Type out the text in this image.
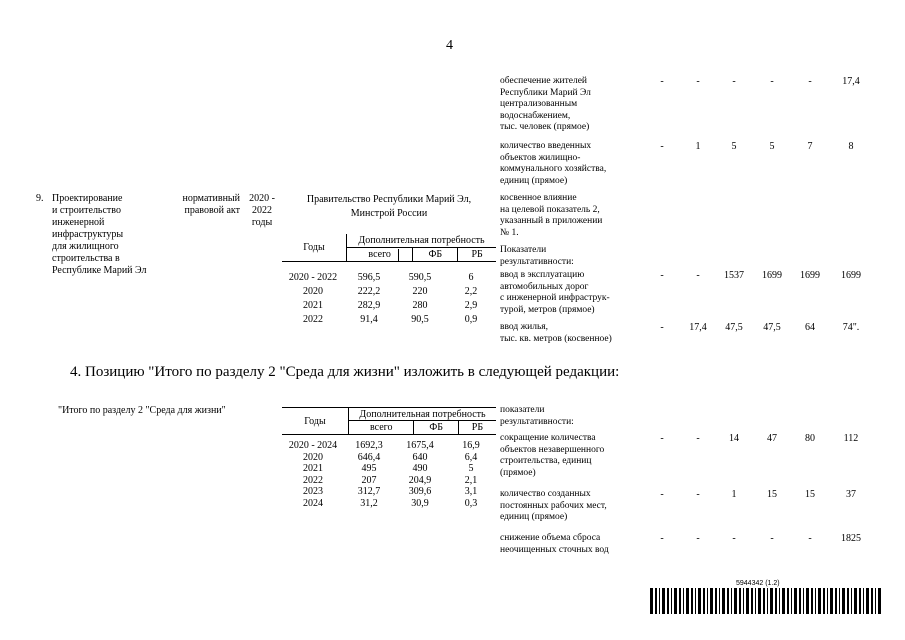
4
9. Проектирование
и строительство
инженерной
инфраструктуры
для жилищного
строительства в
Республике Марий Эл
нормативный
правовой акт
2020 -
2022
годы
Правительство Республики Марий Эл,
Минстрой России
Годы	Дополнительная потребность		
	всего	ФБ	РБ
2020 - 2022	596,5	590,5	6
2020	222,2	220	2,2
2021	282,9	280	2,9
2022	91,4	90,5	0,9
обеспечение жителей
Республики Марий Эл
централизованным
водоснабжением,
тыс. человек (прямое)
-	-	-	-	-	17,4
количество введенных
объектов жилищно-
коммунального хозяйства,
единиц (прямое)
-	1	5	5	7	8
косвенное влияние
на целевой показатель 2,
указанный в приложении
№ 1.
Показатели
результативности:
ввод в эксплуатацию
автомобильных дорог
с инженерной инфраструк-
турой, метров (прямое)
-	-	1537	1699	1699	1699
ввод жилья,
тыс. кв. метров (косвенное)
-	17,4	47,5	47,5	64	74".
4. Позицию "Итого по разделу 2 "Среда для жизни" изложить в следующей редакции:
"Итого по разделу 2 "Среда для жизни"
Годы	Дополнительная потребность		
	всего	ФБ	РБ
2020 - 2024	1692,3	1675,4	16,9
2020	646,4	640	6,4
2021	495	490	5
2022	207	204,9	2,1
2023	312,7	309,6	3,1
2024	31,2	30,9	0,3
показатели
результативности:
сокращение количества
объектов незавершенного
строительства, единиц
(прямое)
-	-	14	47	80	112
количество созданных
постоянных рабочих мест,
единиц (прямое)
-	-	1	15	15	37
снижение объема сброса
неочищенных сточных вод
-	-	-	-	-	1825
5944342 (1.2)
